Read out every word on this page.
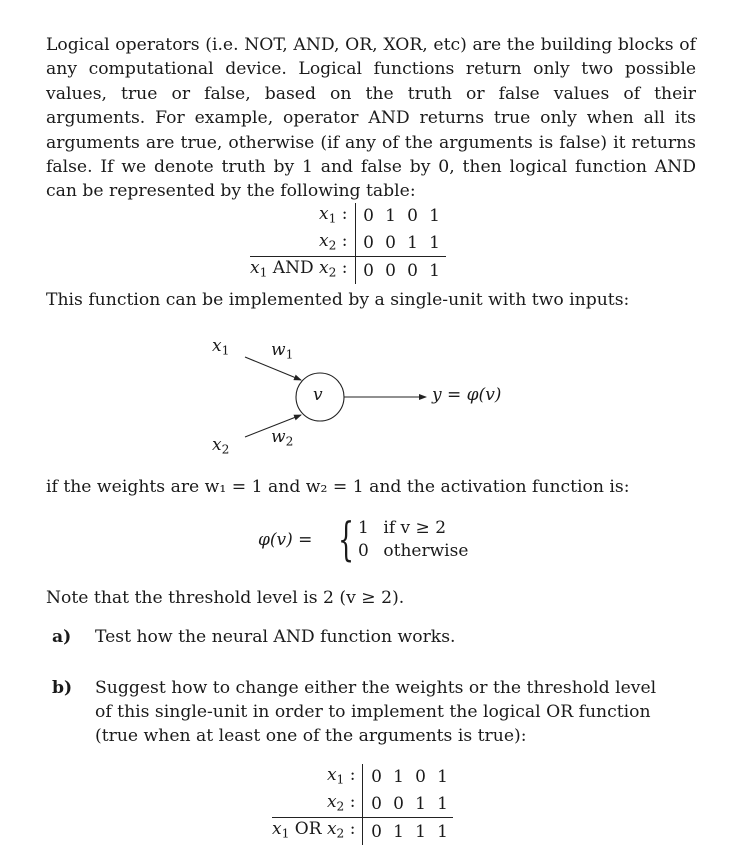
Logical operators (i.e. NOT, AND, OR, XOR, etc) are the building blocks of any computational device. Logical functions return only two possible values, true or false, based on the truth or false values of their arguments. For example, operator AND returns true only when all its arguments are true, otherwise (if any of the arguments is false) it returns false. If we denote truth by 1 and false by 0, then logical function AND can be represented by the following table:

$x_1$ :	0	1	0	1
$x_2$ :	0	0	1	1
$x_1$ AND $x_2$ :	0	0	0	1

This function can be implemented by a single-unit with two inputs:

$x_1$ $w_1$
v	y = φ(v)
$w_2$
$x_2$

if the weights are w₁ = 1 and w₂ = 1 and the activation function is:

φ(v) = { 1 if v ≥ 2
0 otherwise

Note that the threshold level is 2 (v ≥ 2).

a) Test how the neural AND function works.
b) Suggest how to change either the weights or the threshold level of this single-unit in order to implement the logical OR function (true when at least one of the arguments is true):
$x_1$ :	0	1	0	1
$x_2$ :	0	0	1	1
$x_1$ OR $x_2$ :	0	1	1	1
